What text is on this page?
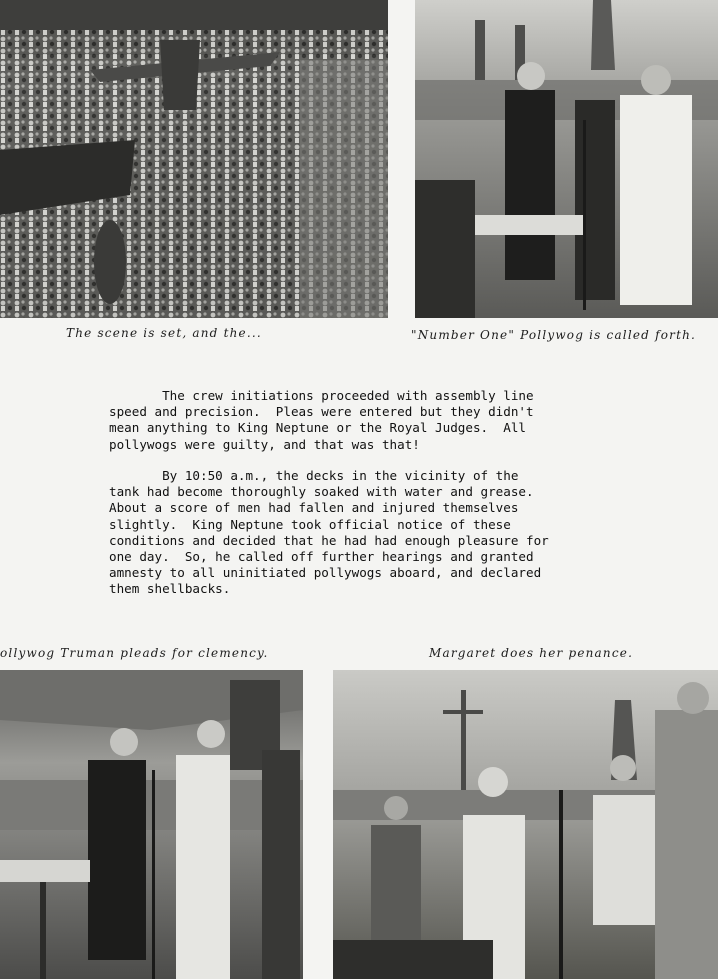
The scene is set, and the...	"Number One" Pollywog is called forth.
ollywog Truman pleads for clemency.	Margaret does her penance.
The crew initiations proceeded with assembly line
speed and precision.  Pleas were entered but they didn't
mean anything to King Neptune or the Royal Judges.  All
pollywogs were guilty, and that was that!
By 10:50 a.m., the decks in the vicinity of the
tank had become thoroughly soaked with water and grease.
About a score of men had fallen and injured themselves
slightly.  King Neptune took official notice of these
conditions and decided that he had had enough pleasure for
one day.  So, he called off further hearings and granted
amnesty to all uninitiated pollywogs aboard, and declared
them shellbacks.
